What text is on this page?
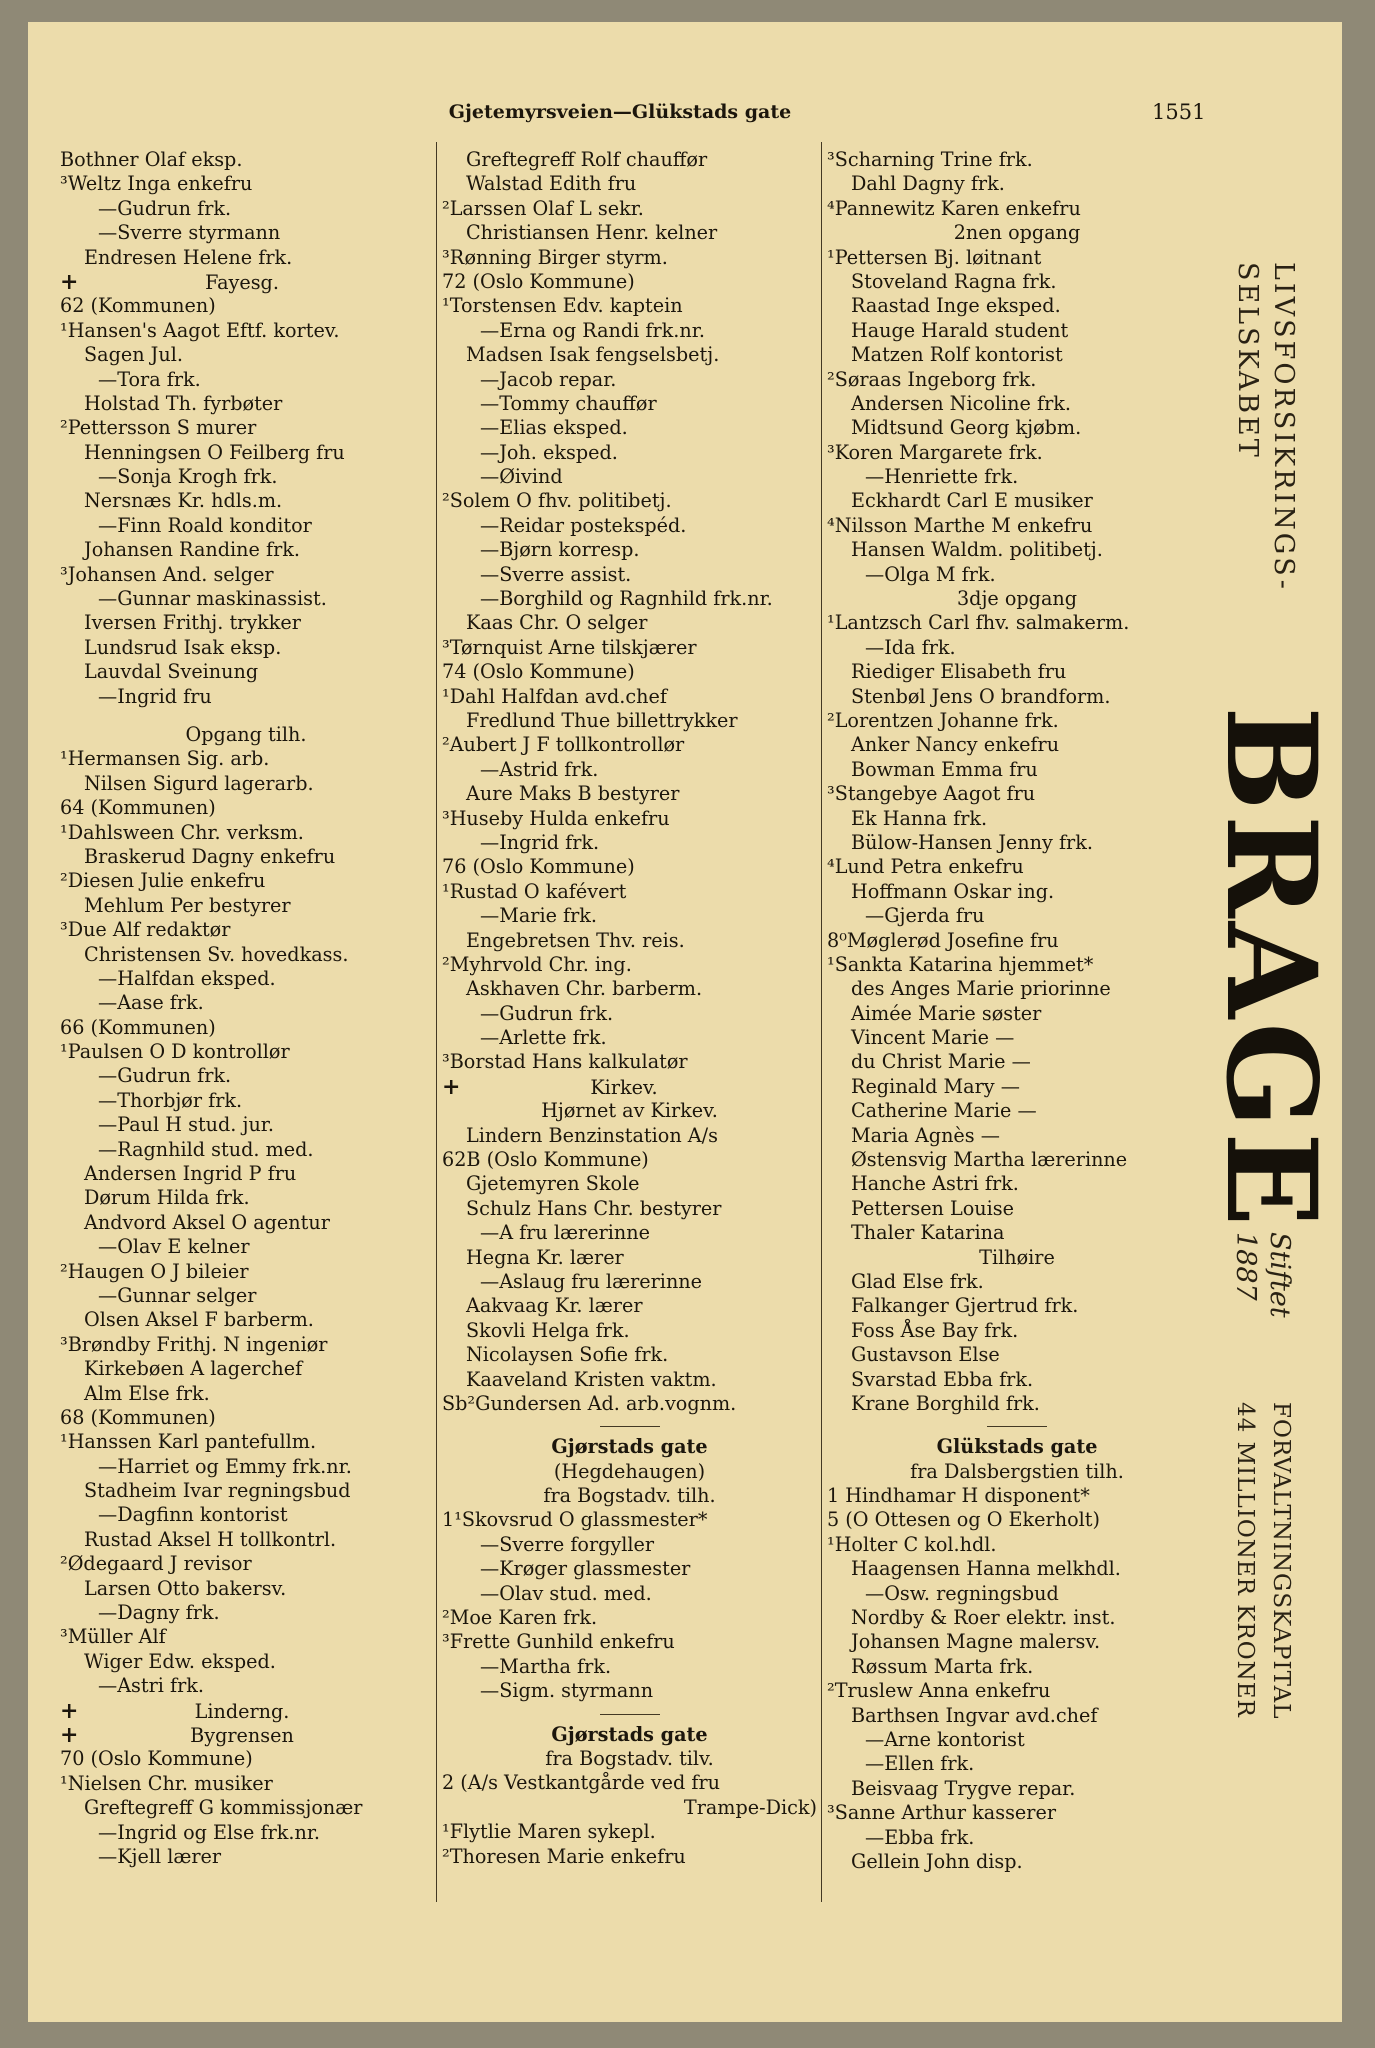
Gjetemyrsveien—Glükstads gate	1551
Bothner Olaf eksp.
³Weltz Inga enkefru
—Gudrun frk.
—Sverre styrmann
Endresen Helene frk.
+	Fayesg.
62 (Kommunen)
¹Hansen's Aagot Eftf. kortev.
Sagen Jul.
—Tora frk.
Holstad Th. fyrbøter
²Pettersson S murer
Henningsen O Feilberg fru
—Sonja Krogh frk.
Nersnæs Kr. hdls.m.
—Finn Roald konditor
Johansen Randine frk.
³Johansen And. selger
—Gunnar maskinassist.
Iversen Frithj. trykker
Lundsrud Isak eksp.
Lauvdal Sveinung
—Ingrid fru
Opgang tilh.
¹Hermansen Sig. arb.
Nilsen Sigurd lagerarb.
64 (Kommunen)
¹Dahlsween Chr. verksm.
Braskerud Dagny enkefru
²Diesen Julie enkefru
Mehlum Per bestyrer
³Due Alf redaktør
Christensen Sv. hovedkass.
—Halfdan eksped.
—Aase frk.
66 (Kommunen)
¹Paulsen O D kontrollør
—Gudrun frk.
—Thorbjør frk.
—Paul H stud. jur.
—Ragnhild stud. med.
Andersen Ingrid P fru
Dørum Hilda frk.
Andvord Aksel O agentur
—Olav E kelner
²Haugen O J bileier
—Gunnar selger
Olsen Aksel F barberm.
³Brøndby Frithj. N ingeniør
Kirkebøen A lagerchef
Alm Else frk.
68 (Kommunen)
¹Hanssen Karl pantefullm.
—Harriet og Emmy frk.nr.
Stadheim Ivar regningsbud
—Dagfinn kontorist
Rustad Aksel H tollkontrl.
²Ødegaard J revisor
Larsen Otto bakersv.
—Dagny frk.
³Müller Alf
Wiger Edw. eksped.
—Astri frk.
+	Linderng.
+	Bygrensen
70 (Oslo Kommune)
¹Nielsen Chr. musiker
Greftegreff G kommissjonær
—Ingrid og Else frk.nr.
—Kjell lærer
Greftegreff Rolf chauffør
Walstad Edith fru
²Larssen Olaf L sekr.
Christiansen Henr. kelner
³Rønning Birger styrm.
72 (Oslo Kommune)
¹Torstensen Edv. kaptein
—Erna og Randi frk.nr.
Madsen Isak fengselsbetj.
—Jacob repar.
—Tommy chauffør
—Elias eksped.
—Joh. eksped.
—Øivind
²Solem O fhv. politibetj.
—Reidar postekspéd.
—Bjørn korresp.
—Sverre assist.
—Borghild og Ragnhild frk.nr.
Kaas Chr. O selger
³Tørnquist Arne tilskjærer
74 (Oslo Kommune)
¹Dahl Halfdan avd.chef
Fredlund Thue billettrykker
²Aubert J F tollkontrollør
—Astrid frk.
Aure Maks B bestyrer
³Huseby Hulda enkefru
—Ingrid frk.
76 (Oslo Kommune)
¹Rustad O kafévert
—Marie frk.
Engebretsen Thv. reis.
²Myhrvold Chr. ing.
Askhaven Chr. barberm.
—Gudrun frk.
—Arlette frk.
³Borstad Hans kalkulatør
+	Kirkev.
Hjørnet av Kirkev.
Lindern Benzinstation A/s
62B (Oslo Kommune)
Gjetemyren Skole
Schulz Hans Chr. bestyrer
—A fru lærerinne
Hegna Kr. lærer
—Aslaug fru lærerinne
Aakvaag Kr. lærer
Skovli Helga frk.
Nicolaysen Sofie frk.
Kaaveland Kristen vaktm.
Sb²Gundersen Ad. arb.vognm.
Gjørstads gate
(Hegdehaugen)
fra Bogstadv. tilh.
1¹Skovsrud O glassmester*
—Sverre forgyller
—Krøger glassmester
—Olav stud. med.
²Moe Karen frk.
³Frette Gunhild enkefru
—Martha frk.
—Sigm. styrmann
Gjørstads gate
fra Bogstadv. tilv.
2 (A/s Vestkantgårde ved fru
Trampe-Dick)
¹Flytlie Maren sykepl.
²Thoresen Marie enkefru
³Scharning Trine frk.
Dahl Dagny frk.
⁴Pannewitz Karen enkefru
2nen opgang
¹Pettersen Bj. løitnant
Stoveland Ragna frk.
Raastad Inge eksped.
Hauge Harald student
Matzen Rolf kontorist
²Søraas Ingeborg frk.
Andersen Nicoline frk.
Midtsund Georg kjøbm.
³Koren Margarete frk.
—Henriette frk.
Eckhardt Carl E musiker
⁴Nilsson Marthe M enkefru
Hansen Waldm. politibetj.
—Olga M frk.
3dje opgang
¹Lantzsch Carl fhv. salmakerm.
—Ida frk.
Riediger Elisabeth fru
Stenbøl Jens O brandform.
²Lorentzen Johanne frk.
Anker Nancy enkefru
Bowman Emma fru
³Stangebye Aagot fru
Ek Hanna frk.
Bülow-Hansen Jenny frk.
⁴Lund Petra enkefru
Hoffmann Oskar ing.
—Gjerda fru
8⁰Møglerød Josefine fru
¹Sankta Katarina hjemmet*
des Anges Marie priorinne
Aimée Marie søster
Vincent Marie —
du Christ Marie —
Reginald Mary —
Catherine Marie —
Maria Agnès —
Østensvig Martha lærerinne
Hanche Astri frk.
Pettersen Louise
Thaler Katarina
Tilhøire
Glad Else frk.
Falkanger Gjertrud frk.
Foss Åse Bay frk.
Gustavson Else
Svarstad Ebba frk.
Krane Borghild frk.
Glükstads gate
fra Dalsbergstien tilh.
1 Hindhamar H disponent*
5 (O Ottesen og O Ekerholt)
¹Holter C kol.hdl.
Haagensen Hanna melkhdl.
—Osw. regningsbud
Nordby & Roer elektr. inst.
Johansen Magne malersv.
Røssum Marta frk.
²Truslew Anna enkefru
Barthsen Ingvar avd.chef
—Arne kontorist
—Ellen frk.
Beisvaag Trygve repar.
³Sanne Arthur kasserer
—Ebba frk.
Gellein John disp.
LIVSFORSIKRINGS-
SELSKABET
BRAGE
Stiftet
1887
FORVALTNINGSKAPITAL
44 MILLIONER KRONER
